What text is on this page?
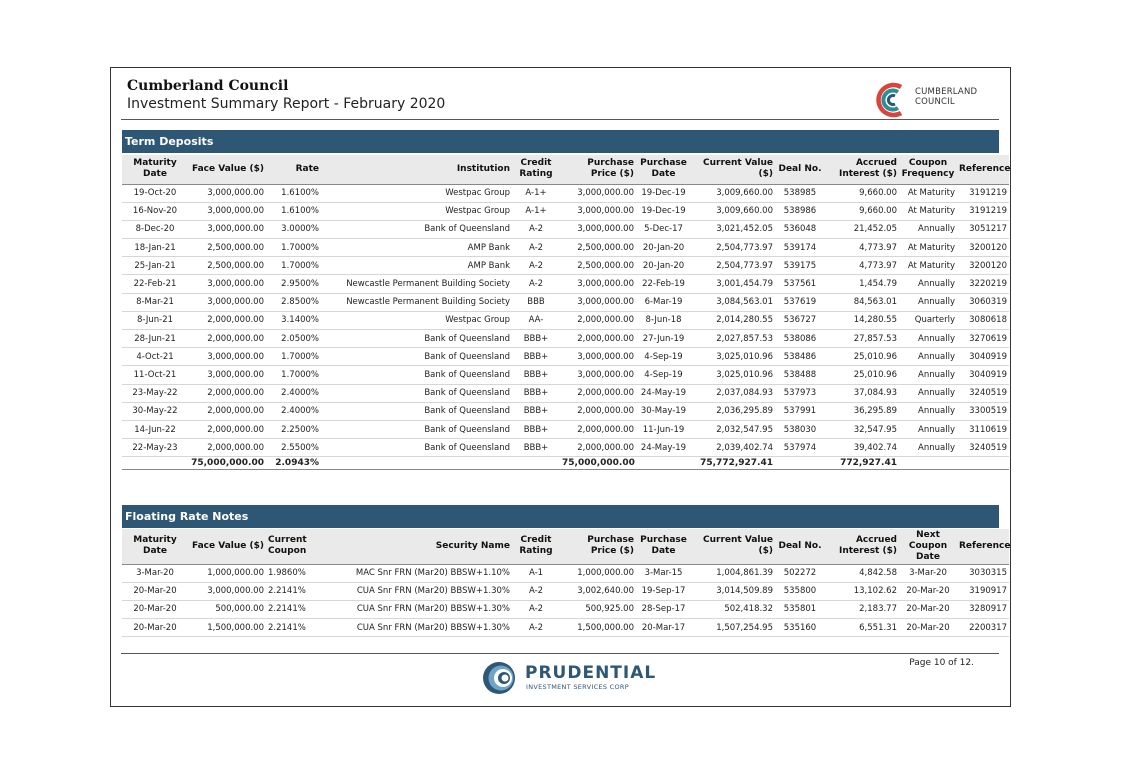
Cumberland Council
Investment Summary Report - February 2020
CUMBERLAND
COUNCIL
Term Deposits
Maturity Date	Face Value ($)	Rate	Institution	Credit Rating	Purchase Price ($)	Purchase Date	Current Value ($)	Deal No.	Accrued Interest ($)	Coupon Frequency	Reference
19-Oct-20	3,000,000.00	1.6100%	Westpac Group	A-1+	3,000,000.00	19-Dec-19	3,009,660.00	538985	9,660.00	At Maturity	3191219
16-Nov-20	3,000,000.00	1.6100%	Westpac Group	A-1+	3,000,000.00	19-Dec-19	3,009,660.00	538986	9,660.00	At Maturity	3191219
8-Dec-20	3,000,000.00	3.0000%	Bank of Queensland	A-2	3,000,000.00	5-Dec-17	3,021,452.05	536048	21,452.05	Annually	3051217
18-Jan-21	2,500,000.00	1.7000%	AMP Bank	A-2	2,500,000.00	20-Jan-20	2,504,773.97	539174	4,773.97	At Maturity	3200120
25-Jan-21	2,500,000.00	1.7000%	AMP Bank	A-2	2,500,000.00	20-Jan-20	2,504,773.97	539175	4,773.97	At Maturity	3200120
22-Feb-21	3,000,000.00	2.9500%	Newcastle Permanent Building Society	A-2	3,000,000.00	22-Feb-19	3,001,454.79	537561	1,454.79	Annually	3220219
8-Mar-21	3,000,000.00	2.8500%	Newcastle Permanent Building Society	BBB	3,000,000.00	6-Mar-19	3,084,563.01	537619	84,563.01	Annually	3060319
8-Jun-21	2,000,000.00	3.1400%	Westpac Group	AA-	2,000,000.00	8-Jun-18	2,014,280.55	536727	14,280.55	Quarterly	3080618
28-Jun-21	2,000,000.00	2.0500%	Bank of Queensland	BBB+	2,000,000.00	27-Jun-19	2,027,857.53	538086	27,857.53	Annually	3270619
4-Oct-21	3,000,000.00	1.7000%	Bank of Queensland	BBB+	3,000,000.00	4-Sep-19	3,025,010.96	538486	25,010.96	Annually	3040919
11-Oct-21	3,000,000.00	1.7000%	Bank of Queensland	BBB+	3,000,000.00	4-Sep-19	3,025,010.96	538488	25,010.96	Annually	3040919
23-May-22	2,000,000.00	2.4000%	Bank of Queensland	BBB+	2,000,000.00	24-May-19	2,037,084.93	537973	37,084.93	Annually	3240519
30-May-22	2,000,000.00	2.4000%	Bank of Queensland	BBB+	2,000,000.00	30-May-19	2,036,295.89	537991	36,295.89	Annually	3300519
14-Jun-22	2,000,000.00	2.2500%	Bank of Queensland	BBB+	2,000,000.00	11-Jun-19	2,032,547.95	538030	32,547.95	Annually	3110619
22-May-23	2,000,000.00	2.5500%	Bank of Queensland	BBB+	2,000,000.00	24-May-19	2,039,402.74	537974	39,402.74	Annually	3240519
	75,000,000.00	2.0943%			75,000,000.00		75,772,927.41		772,927.41		
Floating Rate Notes
Maturity Date	Face Value ($)	Current Coupon	Security Name	Credit Rating	Purchase Price ($)	Purchase Date	Current Value ($)	Deal No.	Accrued Interest ($)	Next Coupon Date	Reference
3-Mar-20	1,000,000.00	1.9860%	MAC Snr FRN (Mar20) BBSW+1.10%	A-1	1,000,000.00	3-Mar-15	1,004,861.39	502272	4,842.58	3-Mar-20	3030315
20-Mar-20	3,000,000.00	2.2141%	CUA Snr FRN (Mar20) BBSW+1.30%	A-2	3,002,640.00	19-Sep-17	3,014,509.89	535800	13,102.62	20-Mar-20	3190917
20-Mar-20	500,000.00	2.2141%	CUA Snr FRN (Mar20) BBSW+1.30%	A-2	500,925.00	28-Sep-17	502,418.32	535801	2,183.77	20-Mar-20	3280917
20-Mar-20	1,500,000.00	2.2141%	CUA Snr FRN (Mar20) BBSW+1.30%	A-2	1,500,000.00	20-Mar-17	1,507,254.95	535160	6,551.31	20-Mar-20	2200317
Page 10 of 12.
PRUDENTIAL
INVESTMENT SERVICES CORP
